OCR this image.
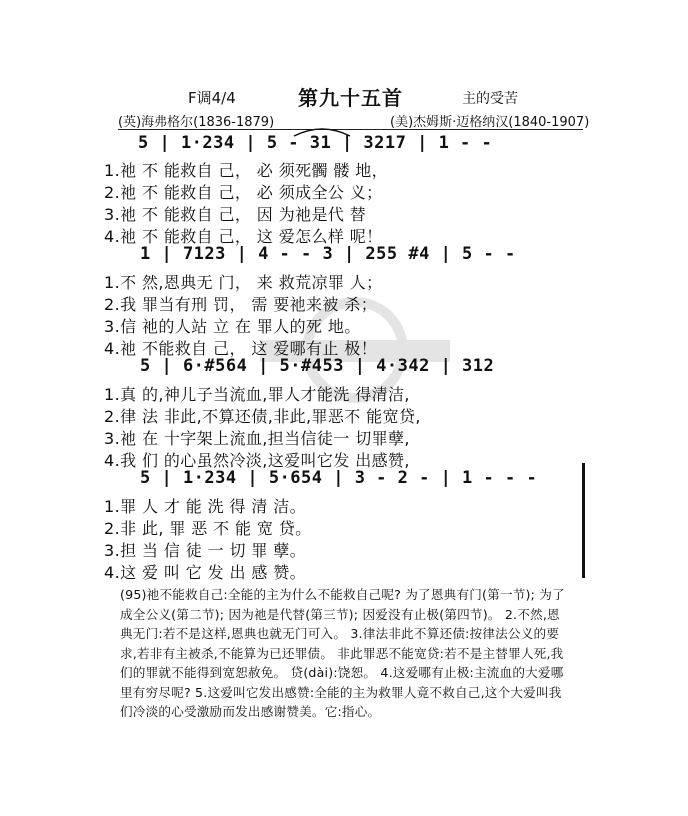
F调4/4	第九十五首	主的受苦
(英)海弗格尔(1836-1879)	(美)杰姆斯·迈格纳汉(1840-1907)
5 | 1·234 | 5 - 31 | 3217 | 1 - -
1.祂 不 能救自 己， 必 须死髑 髅 地，
2.祂 不 能救自 己， 必 须成全公 义；
3.祂 不 能救自 己， 因 为祂是代 替
4.祂 不 能救自 己， 这 爱怎么样 呢！
1 | 7123 | 4 - - 3 | 255 #4 | 5 - -
1.不 然,恩典无 门， 来 救荒凉罪 人；
2.我 罪当有刑 罚， 需 要祂来被 杀；
3.信 祂的人站 立 在 罪人的死 地。
4.祂 不能救自 己， 这 爱哪有止 极！
5 | 6·#564 | 5·#453 | 4·342 | 312
1.真 的,神儿子当流血,罪人才能洗 得清洁,
2.律 法 非此,不算还债,非此,罪恶不 能宽贷,
3.祂 在 十字架上流血,担当信徒一 切罪孽,
4.我 们 的心虽然冷淡,这爱叫它发 出感赞,
5 | 1·234 | 5·654 | 3 - 2 - | 1 - - -
1.罪 人 才 能 洗 得 清 洁。
2.非 此, 罪 恶 不 能 宽 贷。
3.担 当 信 徒 一 切 罪 孽。
4.这 爱 叫 它 发 出 感 赞。
(95)祂不能救自己:全能的主为什么不能救自己呢? 为了恩典有门(第一节); 为了成全公义(第二节); 因为祂是代替(第三节); 因爱没有止极(第四节)。 2.不然,恩典无门:若不是这样,恩典也就无门可入。 3.律法非此不算还债:按律法公义的要求,若非有主被杀,不能算为已还罪债。 非此罪恶不能宽贷:若不是主替罪人死,我们的罪就不能得到宽恕赦免。 贷(dài):饶恕。 4.这爱哪有止极:主流血的大爱哪里有穷尽呢? 5.这爱叫它发出感赞:全能的主为救罪人竟不救自己,这个大爱叫我们冷淡的心受激励而发出感谢赞美。它:指心。
